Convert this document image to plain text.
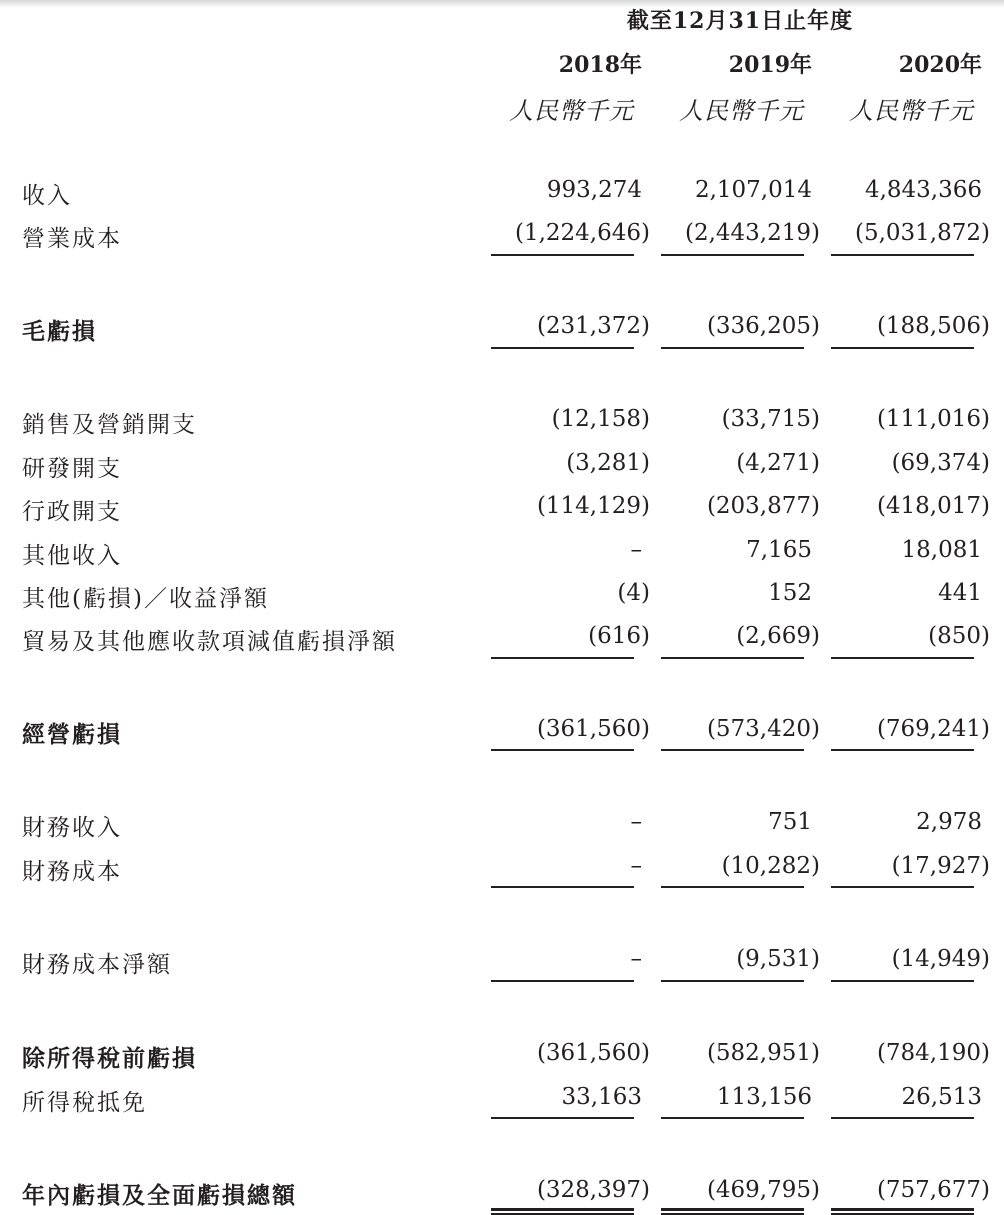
截至12月31日止年度
2018年	2019年	2020年
人民幣千元	人民幣千元	人民幣千元
收入	993,274	2,107,014	4,843,366
營業成本	(1,224,646)	(2,443,219)	(5,031,872)
毛虧損	(231,372)	(336,205)	(188,506)
銷售及營銷開支	(12,158)	(33,715)	(111,016)
研發開支	(3,281)	(4,271)	(69,374)
行政開支	(114,129)	(203,877)	(418,017)
其他收入	–	7,165	18,081
其他(虧損)／收益淨額	(4)	152	441
貿易及其他應收款項減值虧損淨額	(616)	(2,669)	(850)
經營虧損	(361,560)	(573,420)	(769,241)
財務收入	–	751	2,978
財務成本	–	(10,282)	(17,927)
財務成本淨額	–	(9,531)	(14,949)
除所得稅前虧損	(361,560)	(582,951)	(784,190)
所得稅抵免	33,163	113,156	26,513
年內虧損及全面虧損總額	(328,397)	(469,795)	(757,677)
